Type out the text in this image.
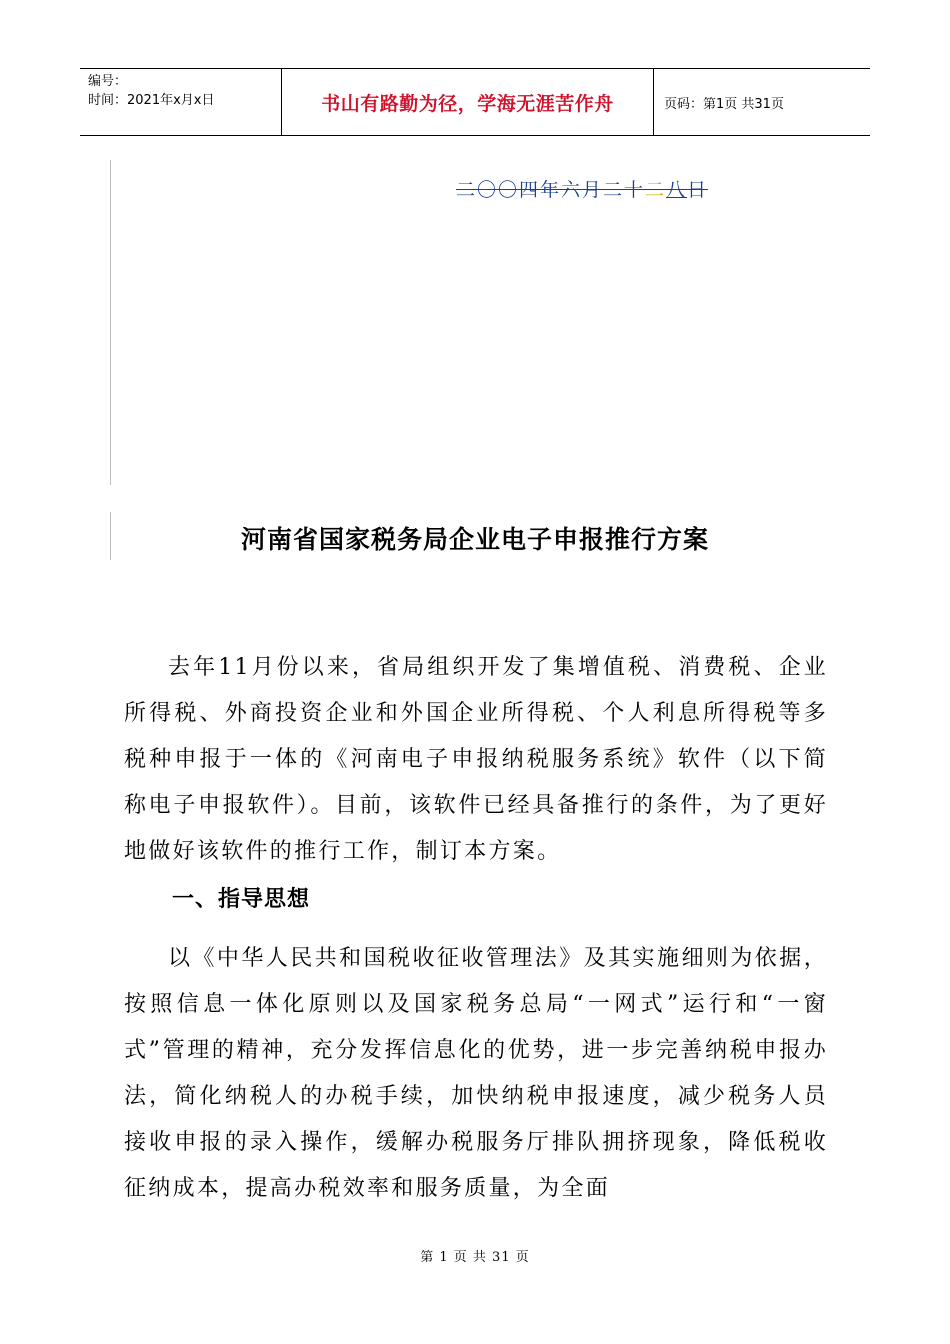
编号：
时间：2021年x月x日	书山有路勤为径，学海无涯苦作舟	页码：第1页 共31页
二〇〇四年六月二十二八日
河南省国家税务局企业电子申报推行方案

去年11月份以来，省局组织开发了集增值税、消费税、企业所得税、外商投资企业和外国企业所得税、个人利息所得税等多税种申报于一体的《河南电子申报纳税服务系统》软件（以下简称电子申报软件）。目前，该软件已经具备推行的条件，为了更好地做好该软件的推行工作，制订本方案。

一、指导思想

以《中华人民共和国税收征收管理法》及其实施细则为依据，按照信息一体化原则以及国家税务总局“一网式”运行和“一窗式”管理的精神，充分发挥信息化的优势，进一步完善纳税申报办法，简化纳税人的办税手续，加快纳税申报速度，减少税务人员接收申报的录入操作，缓解办税服务厅排队拥挤现象，降低税收征纳成本，提高办税效率和服务质量，为全面

第 1 页 共 31 页
